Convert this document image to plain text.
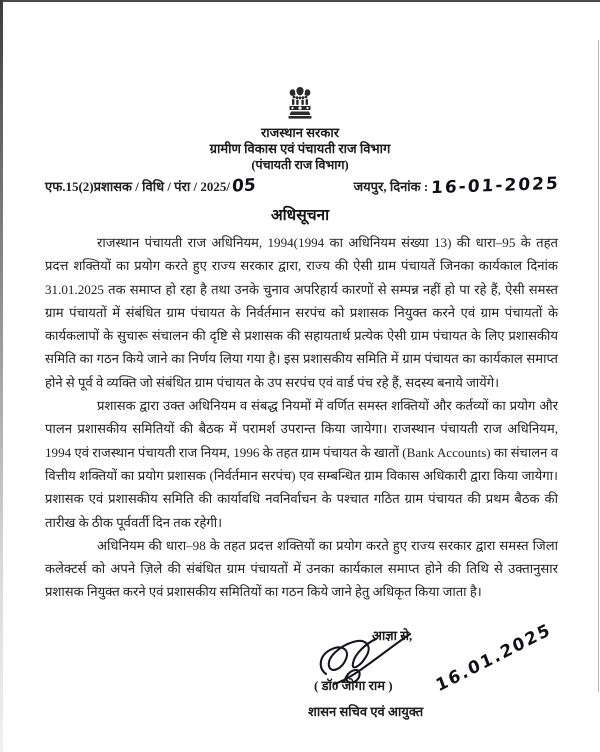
राजस्थान सरकार
ग्रामीण विकास एवं पंचायती राज विभाग
(पंचायती राज विभाग)
एफ.15(2)प्रशासक / विधि / पंरा / 2025/05	जयपुर, दिनांक : 16-01-2025
अधिसूचना

राजस्थान पंचायती राज अधिनियम, 1994(1994 का अधिनियम संख्या 13) की धारा–95 के तहत प्रदत्त शक्तियों का प्रयोग करते हुए राज्य सरकार द्वारा, राज्य की ऐसी ग्राम पंचायतें जिनका कार्यकाल दिनांक 31.01.2025 तक समाप्त हो रहा है तथा उनके चुनाव अपरिहार्य कारणों से सम्पन्न नहीं हो पा रहे हैं, ऐसी समस्त ग्राम पंचायतों में संबंधित ग्राम पंचायत के निर्वर्तमान सरपंच को प्रशासक नियुक्त करने एवं ग्राम पंचायतों के कार्यकलापों के सुचारू संचालन की दृष्टि से प्रशासक की सहायतार्थ प्रत्येक ऐसी ग्राम पंचायत के लिए प्रशासकीय समिति का गठन किये जाने का निर्णय लिया गया है। इस प्रशासकीय समिति में ग्राम पंचायत का कार्यकाल समाप्त होने से पूर्व वे व्यक्ति जो संबंधित ग्राम पंचायत के उप सरपंच एवं वार्ड पंच रहे हैं, सदस्य बनाये जायेंगे।

प्रशासक द्वारा उक्त अधिनियम व संबद्ध नियमों में वर्णित समस्त शक्तियों और कर्तव्यों का प्रयोग और पालन प्रशासकीय समितियों की बैठक में परामर्श उपरान्त किया जायेगा। राजस्थान पंचायती राज अधिनियम, 1994 एवं राजस्थान पंचायती राज नियम, 1996 के तहत ग्राम पंचायत के खातों (Bank Accounts) का संचालन व वित्तीय शक्तियों का प्रयोग प्रशासक (निर्वर्तमान सरपंच) एव सम्बन्धित ग्राम विकास अधिकारी द्वारा किया जायेगा। प्रशासक एवं प्रशासकीय समिति की कार्यावधि नवनिर्वाचन के पश्चात गठित ग्राम पंचायत की प्रथम बैठक की तारीख के ठीक पूर्ववर्ती दिन तक रहेगी।

अधिनियम की धारा–98 के तहत प्रदत्त शक्तियों का प्रयोग करते हुए राज्य सरकार द्वारा समस्त जिला कलेक्टर्स को अपने ज़िले की संबंधित ग्राम पंचायतों में उनका कार्यकाल समाप्त होने की तिथि से उक्तानुसार प्रशासक नियुक्त करने एवं प्रशासकीय समितियों का गठन किये जाने हेतु अधिकृत किया जाता है।

आज्ञा से, 16.01.2025
( डॉ0 जोगा राम )
शासन सचिव एवं आयुक्त
